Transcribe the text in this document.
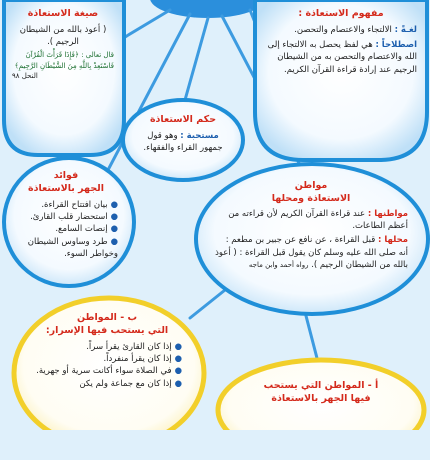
صيغة الاستعاذة
( أعوذ بالله من الشيطان الرجيم ).
قال تعالى : ﴿فَإِذَا قَرَأْتَ الْقُرْآنَ فَاسْتَعِذْ بِاللَّهِ مِنَ الشَّيْطَانِ الرَّجِيمِ﴾
النحل ٩٨
مفهوم الاستعاذة :
لغـةً : الالتجاء والاعتصام والتحصن.
اصطلاحاً : هي لفظ يحصل به الالتجاء إلى الله والاعتصام والتحصن به من الشيطان الرجيم عند إرادة قراءة القرآن الكريم.
حكم الاستعاذة
مستحبة : وهو قول جمهور القراء والفقهاء.
فوائد
الجهر بالاستعاذة
● بيان افتتاح القراءة.
● استحضار قلب القارئ.
● إنصات السامع.
● طرد وساوس الشيطان وخواطر السوء.
مواطن
الاستعاذة ومحلها
مواطنها : عند قراءة القرآن الكريم لأن قراءته من أعظم الطاعات.
محلها : قبل القراءة ، عن نافع عن جبير بن مطعم : أنه صلى الله عليه وسلم كان يقول قبل القراءة : ( أعوذ بالله من الشيطان الرجيم ). رواه أحمد وابن ماجه
ب - المواطن
التي يستحب فيها الإسرار:
● إذا كان القارئ يقرأ سراً.
● إذا كان يقرأ منفرداً.
● في الصلاة سواء أكانت سرية أو جهرية.
● إذا كان مع جماعة ولم يكن	أ - المواطن التي يستحب
فيها الجهر بالاستعاذة
